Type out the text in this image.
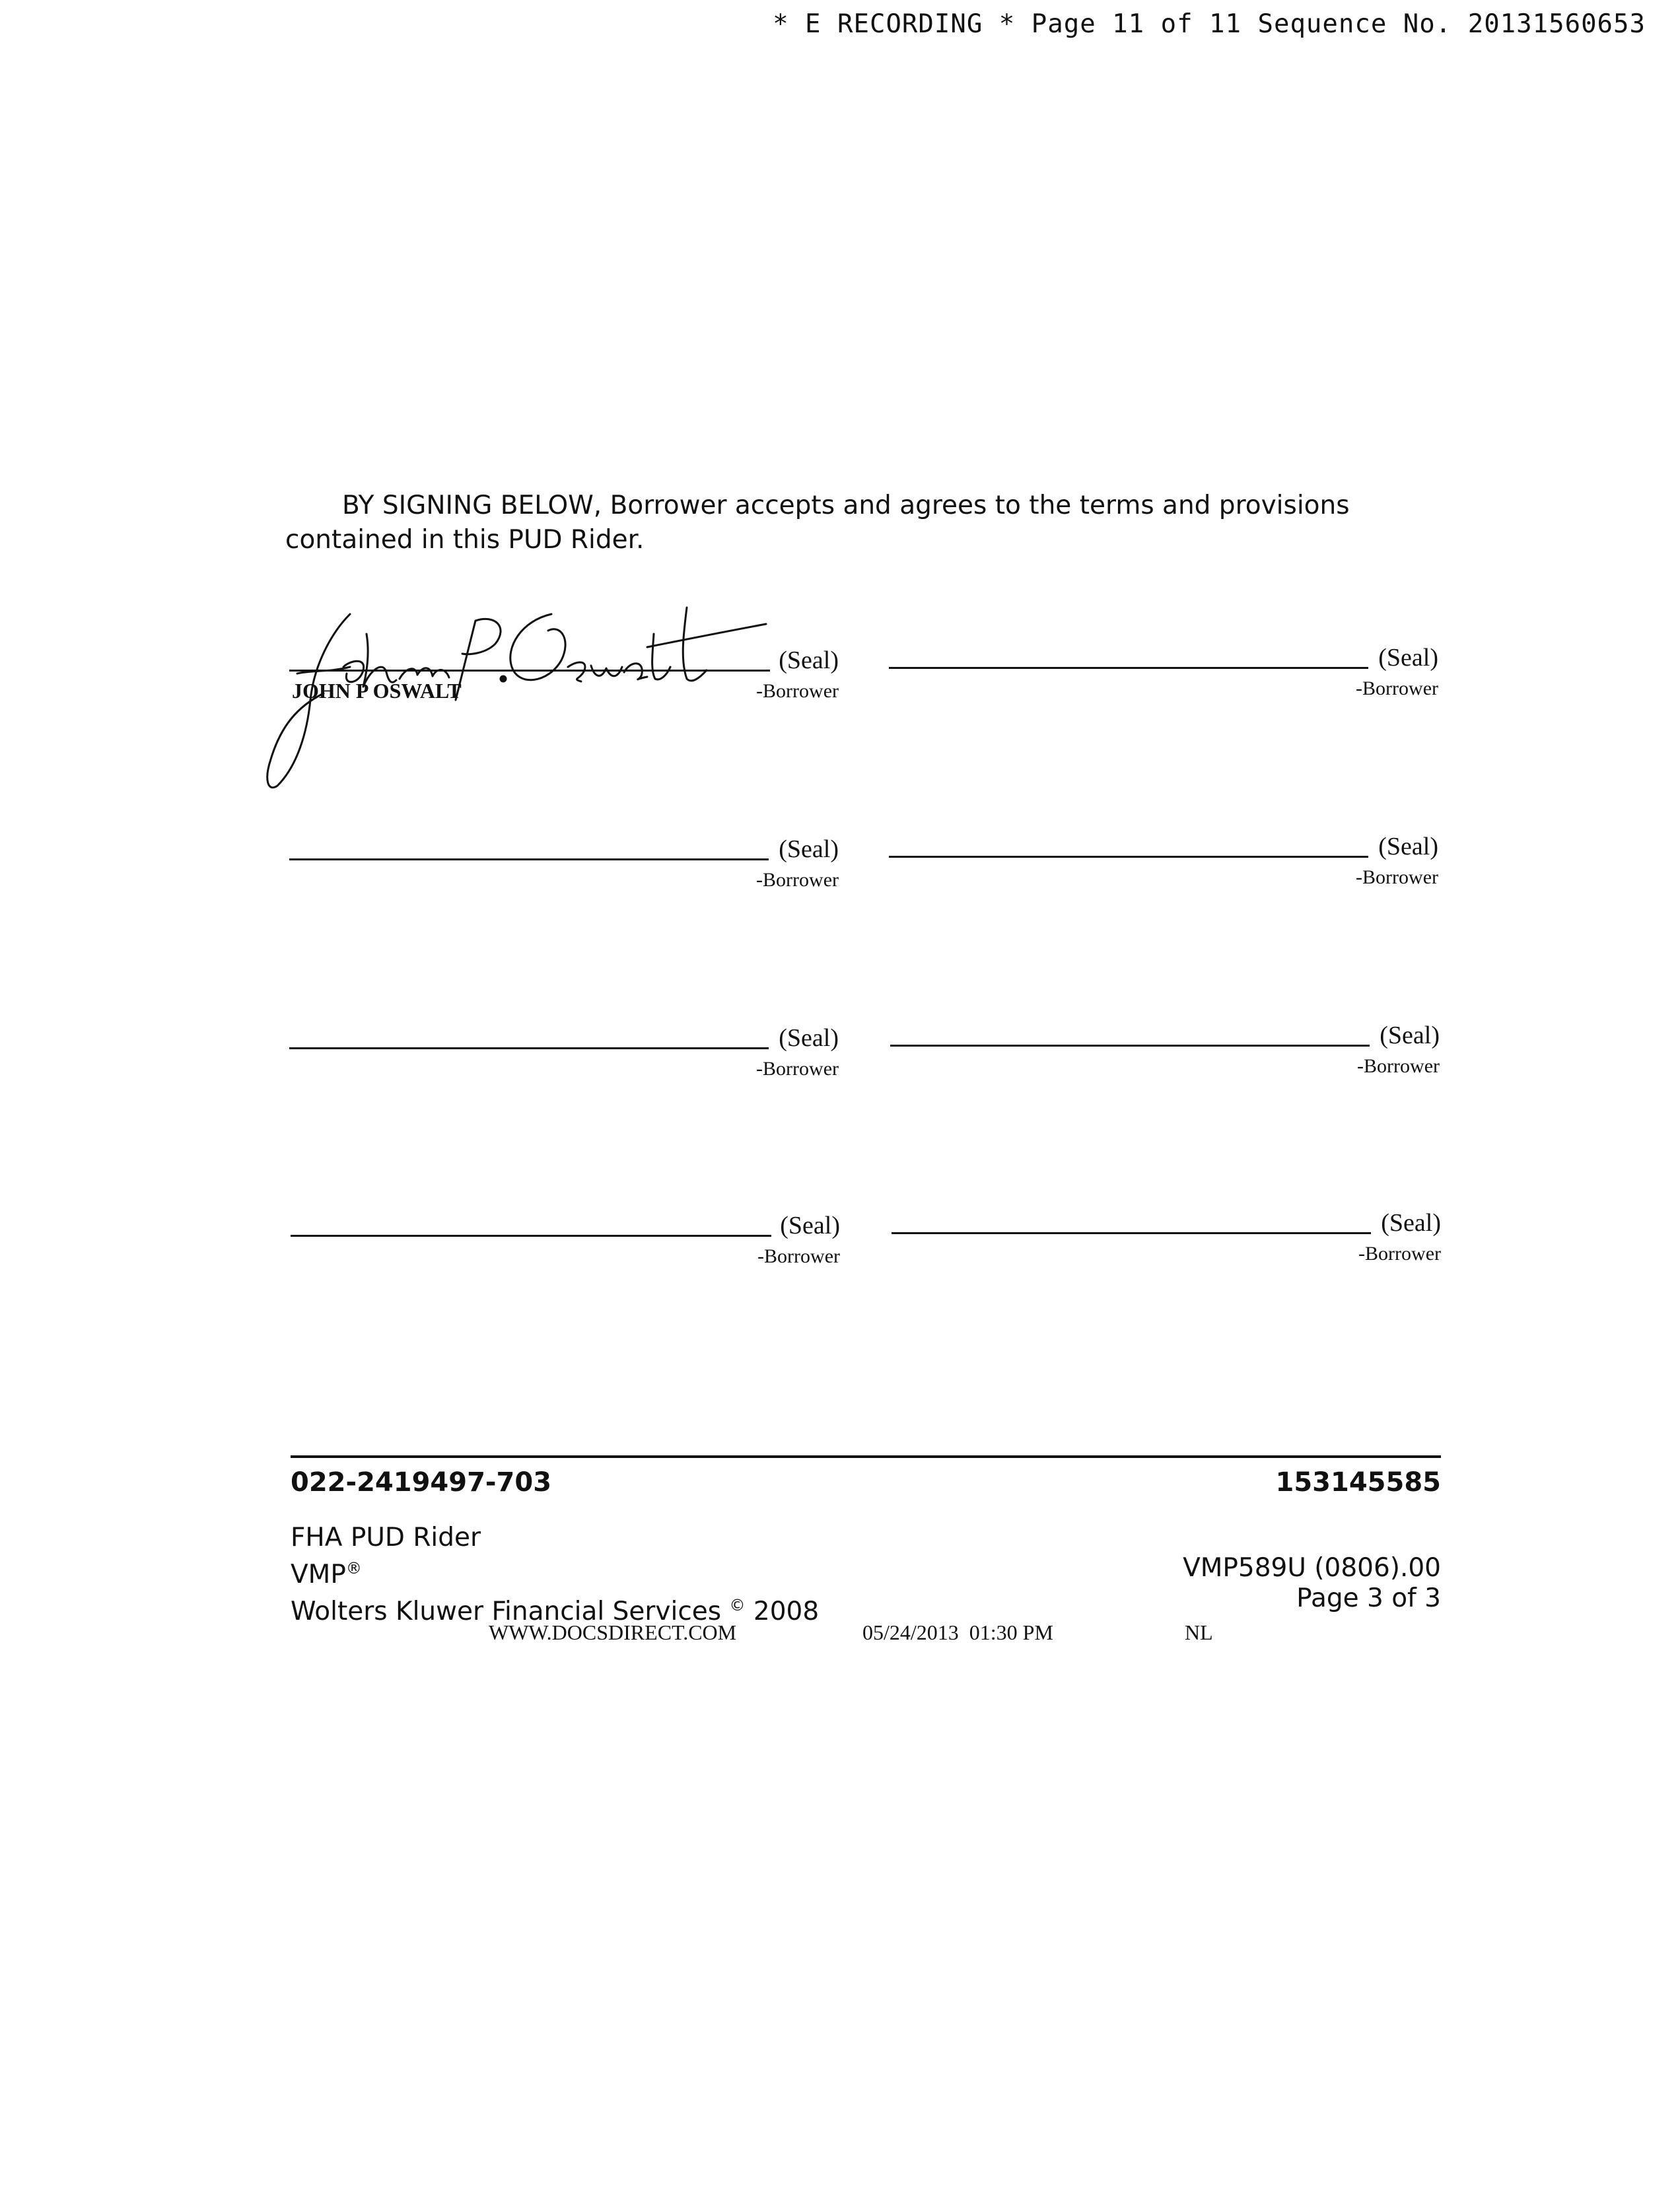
* E RECORDING * Page 11 of 11 Sequence No. 20131560653
BY SIGNING BELOW, Borrower accepts and agrees to the terms and provisions contained in this PUD Rider.
(Seal)
JOHN P OSWALT	-Borrower
(Seal)
-Borrower
(Seal)
-Borrower
(Seal)
-Borrower
(Seal)
-Borrower
(Seal)
-Borrower
(Seal)
-Borrower
(Seal)
-Borrower
022-2419497-703	153145585
FHA PUD Rider
VMP®
Wolters Kluwer Financial Services © 2008
VMP589U (0806).00
Page 3 of 3
WWW.DOCSDIRECT.COM	05/24/2013  01:30 PM	NL
